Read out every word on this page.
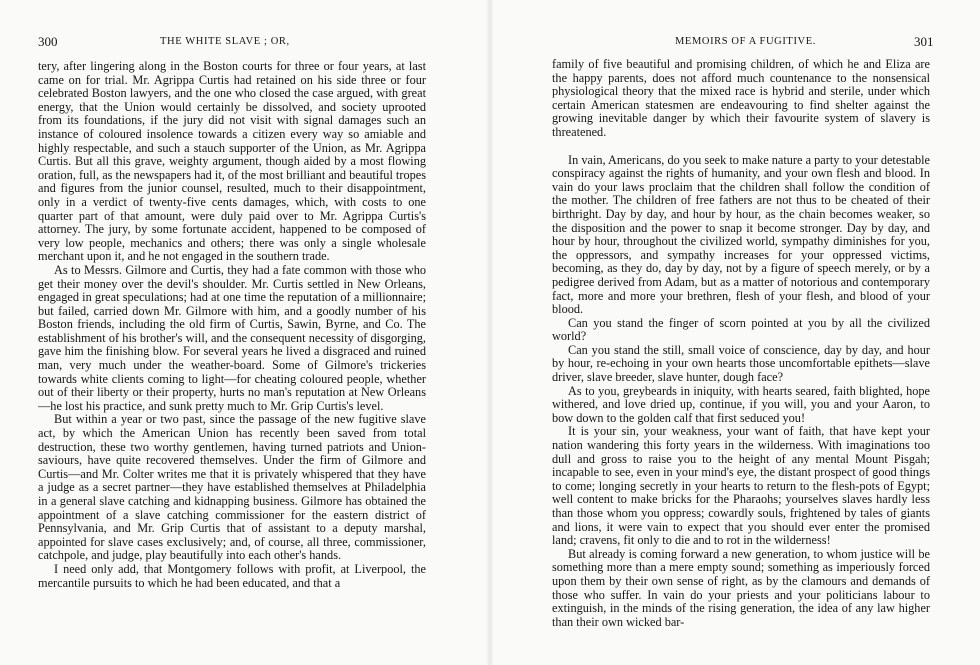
300	THE WHITE SLAVE ; OR,

tery, after lingering along in the Boston courts for three or four years, at last came on for trial. Mr. Agrippa Curtis had retained on his side three or four celebrated Boston lawyers, and the one who closed the case argued, with great energy, that the Union would certainly be dissolved, and society uprooted from its foundations, if the jury did not visit with signal damages such an instance of coloured insolence towards a citizen every way so amiable and highly respectable, and such a stauch supporter of the Union, as Mr. Agrippa Curtis. But all this grave, weighty argument, though aided by a most flowing oration, full, as the newspapers had it, of the most brilliant and beautiful tropes and figures from the junior counsel, resulted, much to their disappointment, only in a verdict of twenty-five cents damages, which, with costs to one quarter part of that amount, were duly paid over to Mr. Agrippa Curtis's attorney. The jury, by some fortunate accident, happened to be composed of very low people, mechanics and others; there was only a single wholesale merchant upon it, and he not engaged in the southern trade.

As to Messrs. Gilmore and Curtis, they had a fate common with those who get their money over the devil's shoulder. Mr. Curtis settled in New Orleans, engaged in great speculations; had at one time the reputation of a millionnaire; but failed, carried down Mr. Gilmore with him, and a goodly number of his Boston friends, including the old firm of Curtis, Sawin, Byrne, and Co. The establishment of his brother's will, and the consequent necessity of disgorging, gave him the finishing blow. For several years he lived a disgraced and ruined man, very much under the weather-board. Some of Gilmore's trickeries towards white clients coming to light—for cheating coloured people, whether out of their liberty or their property, hurts no man's reputation at New Orleans—he lost his practice, and sunk pretty much to Mr. Grip Curtis's level.

But within a year or two past, since the passage of the new fugitive slave act, by which the American Union has recently been saved from total destruction, these two worthy gentlemen, having turned patriots and Union-saviours, have quite recovered themselves. Under the firm of Gilmore and Curtis—and Mr. Colter writes me that it is privately whispered that they have a judge as a secret partner—they have established themselves at Philadelphia in a general slave catching and kidnapping business. Gilmore has obtained the appointment of a slave catching commissioner for the eastern district of Pennsylvania, and Mr. Grip Curtis that of assistant to a deputy marshal, appointed for slave cases exclusively; and, of course, all three, commissioner, catchpole, and judge, play beautifully into each other's hands.

I need only add, that Montgomery follows with profit, at Liverpool, the mercantile pursuits to which he had been educated, and that a

MEMOIRS OF A FUGITIVE.	301

family of five beautiful and promising children, of which he and Eliza are the happy parents, does not afford much countenance to the nonsensical physiological theory that the mixed race is hybrid and sterile, under which certain American statesmen are endeavouring to find shelter against the growing inevitable danger by which their favourite system of slavery is threatened.

In vain, Americans, do you seek to make nature a party to your detestable conspiracy against the rights of humanity, and your own flesh and blood. In vain do your laws proclaim that the children shall follow the condition of the mother. The children of free fathers are not thus to be cheated of their birthright. Day by day, and hour by hour, as the chain becomes weaker, so the disposition and the power to snap it become stronger. Day by day, and hour by hour, throughout the civilized world, sympathy diminishes for you, the oppressors, and sympathy increases for your oppressed victims, becoming, as they do, day by day, not by a figure of speech merely, or by a pedigree derived from Adam, but as a matter of notorious and contemporary fact, more and more your brethren, flesh of your flesh, and blood of your blood.

Can you stand the finger of scorn pointed at you by all the civilized world?

Can you stand the still, small voice of conscience, day by day, and hour by hour, re-echoing in your own hearts those uncomfortable epithets—slave driver, slave breeder, slave hunter, dough face?

As to you, greybeards in iniquity, with hearts seared, faith blighted, hope withered, and love dried up, continue, if you will, you and your Aaron, to bow down to the golden calf that first seduced you!

It is your sin, your weakness, your want of faith, that have kept your nation wandering this forty years in the wilderness. With imaginations too dull and gross to raise you to the height of any mental Mount Pisgah; incapable to see, even in your mind's eye, the distant prospect of good things to come; longing secretly in your hearts to return to the flesh-pots of Egypt; well content to make bricks for the Pharaohs; yourselves slaves hardly less than those whom you oppress; cowardly souls, frightened by tales of giants and lions, it were vain to expect that you should ever enter the promised land; cravens, fit only to die and to rot in the wilderness!

But already is coming forward a new generation, to whom justice will be something more than a mere empty sound; something as imperiously forced upon them by their own sense of right, as by the clamours and demands of those who suffer. In vain do your priests and your politicians labour to extinguish, in the minds of the rising generation, the idea of any law higher than their own wicked bar-
